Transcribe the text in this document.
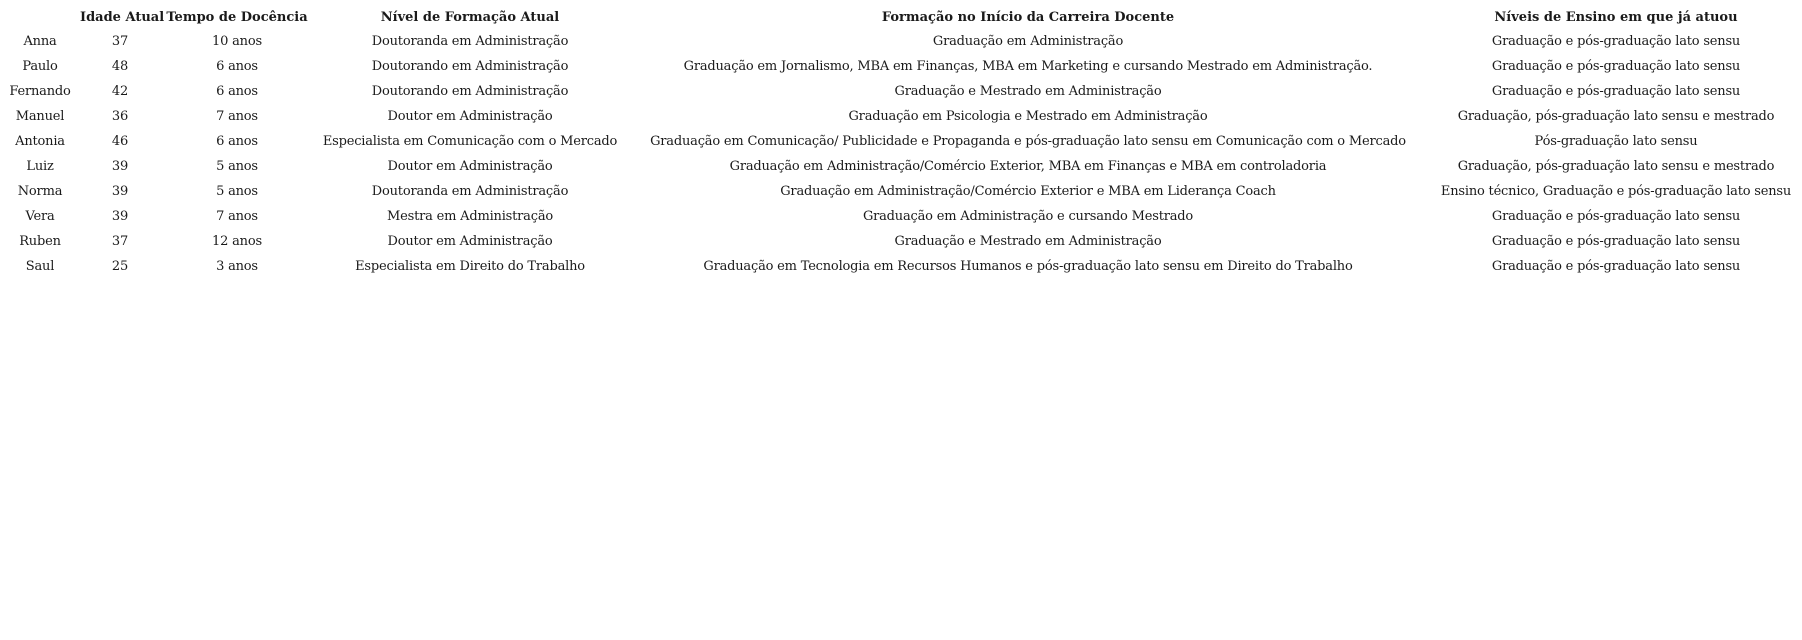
	Idade Atual	Tempo de Docência	Nível de Formação Atual	Formação no Início da Carreira Docente	Níveis de Ensino em que já atuou
Anna	37	10 anos	Doutoranda em Administração	Graduação em Administração	Graduação e pós-graduação lato sensu
Paulo	48	6 anos	Doutorando em Administração	Graduação em Jornalismo, MBA em Finanças, MBA em Marketing e cursando Mestrado em Administração.	Graduação e pós-graduação lato sensu
Fernando	42	6 anos	Doutorando em Administração	Graduação e Mestrado em Administração	Graduação e pós-graduação lato sensu
Manuel	36	7 anos	Doutor em Administração	Graduação em Psicologia e Mestrado em Administração	Graduação, pós-graduação lato sensu e mestrado
Antonia	46	6 anos	Especialista em Comunicação com o Mercado	Graduação em Comunicação/ Publicidade e Propaganda e pós-graduação lato sensu em Comunicação com o Mercado	Pós-graduação lato sensu
Luiz	39	5 anos	Doutor em Administração	Graduação em Administração/Comércio Exterior, MBA em Finanças e MBA em controladoria	Graduação, pós-graduação lato sensu e mestrado
Norma	39	5 anos	Doutoranda em Administração	Graduação em Administração/Comércio Exterior e MBA em Liderança Coach	Ensino técnico, Graduação e pós-graduação lato sensu
Vera	39	7 anos	Mestra em Administração	Graduação em Administração e cursando Mestrado	Graduação e pós-graduação lato sensu
Ruben	37	12 anos	Doutor em Administração	Graduação e Mestrado em Administração	Graduação e pós-graduação lato sensu
Saul	25	3 anos	Especialista em Direito do Trabalho	Graduação em Tecnologia em Recursos Humanos e pós-graduação lato sensu em Direito do Trabalho	Graduação e pós-graduação lato sensu
